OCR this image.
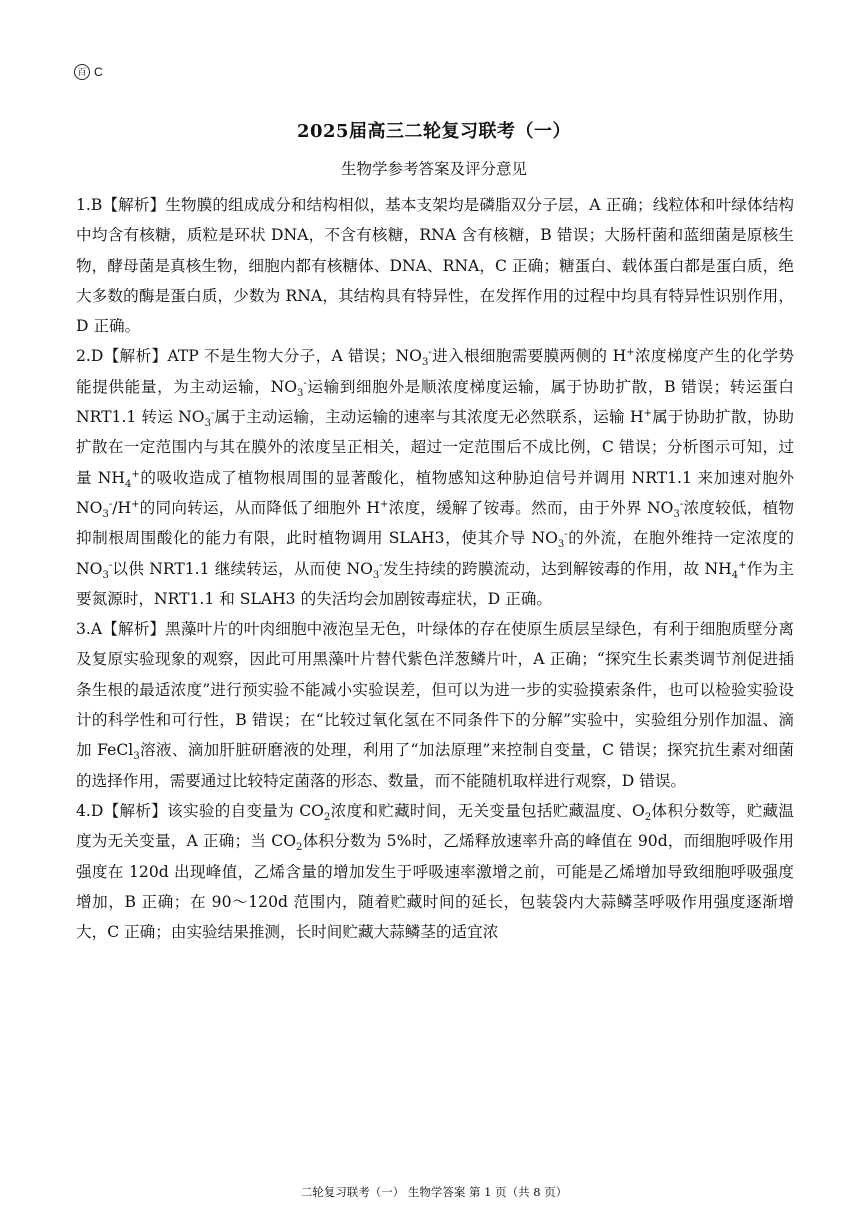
百 C
2025届高三二轮复习联考（一）
生物学参考答案及评分意见

1.B【解析】生物膜的组成成分和结构相似，基本支架均是磷脂双分子层，A 正确；线粒体和叶绿体结构中均含有核糖，质粒是环状 DNA，不含有核糖，RNA 含有核糖，B 错误；大肠杆菌和蓝细菌是原核生物，酵母菌是真核生物，细胞内都有核糖体、DNA、RNA，C 正确；糖蛋白、载体蛋白都是蛋白质，绝大多数的酶是蛋白质，少数为 RNA，其结构具有特异性，在发挥作用的过程中均具有特异性识别作用，D 正确。

2.D【解析】ATP 不是生物大分子，A 错误；$NO_3^-$进入根细胞需要膜两侧的 H+浓度梯度产生的化学势能提供能量，为主动运输，$NO_3^-$运输到细胞外是顺浓度梯度运输，属于协助扩散，B 错误；转运蛋白 NRT1.1 转运 $NO_3^-$属于主动运输，主动运输的速率与其浓度无必然联系，运输 H+属于协助扩散，协助扩散在一定范围内与其在膜外的浓度呈正相关，超过一定范围后不成比例，C 错误；分析图示可知，过量 $NH_4^+$的吸收造成了植物根周围的显著酸化，植物感知这种胁迫信号并调用 NRT1.1 来加速对胞外 $NO_3^-/H^+$的同向转运，从而降低了细胞外 H+浓度，缓解了铵毒。然而，由于外界 $NO_3^-$浓度较低，植物抑制根周围酸化的能力有限，此时植物调用 SLAH3，使其介导 $NO_3^-$的外流，在胞外维持一定浓度的 $NO_3^-$以供 NRT1.1 继续转运，从而使 $NO_3^-$发生持续的跨膜流动，达到解铵毒的作用，故 $NH_4^+$作为主要氮源时，NRT1.1 和 SLAH3 的失活均会加剧铵毒症状，D 正确。

3.A【解析】黑藻叶片的叶肉细胞中液泡呈无色，叶绿体的存在使原生质层呈绿色，有利于细胞质壁分离及复原实验现象的观察，因此可用黑藻叶片替代紫色洋葱鳞片叶，A 正确；“探究生长素类调节剂促进插条生根的最适浓度”进行预实验不能减小实验误差，但可以为进一步的实验摸索条件，也可以检验实验设计的科学性和可行性，B 错误；在“比较过氧化氢在不同条件下的分解”实验中，实验组分别作加温、滴加 FeCl$_3$溶液、滴加肝脏研磨液的处理，利用了“加法原理”来控制自变量，C 错误；探究抗生素对细菌的选择作用，需要通过比较特定菌落的形态、数量，而不能随机取样进行观察，D 错误。

4.D【解析】该实验的自变量为 $CO_2$浓度和贮藏时间，无关变量包括贮藏温度、$O_2$体积分数等，贮藏温度为无关变量，A 正确；当 $CO_2$体积分数为 5%时，乙烯释放速率升高的峰值在 90d，而细胞呼吸作用强度在 120d 出现峰值，乙烯含量的增加发生于呼吸速率激增之前，可能是乙烯增加导致细胞呼吸强度增加，B 正确；在 90～120d 范围内，随着贮藏时间的延长，包装袋内大蒜鳞茎呼吸作用强度逐渐增大，C 正确；由实验结果推测，长时间贮藏大蒜鳞茎的适宜浓

二轮复习联考（一） 生物学答案 第 1 页（共 8 页）
